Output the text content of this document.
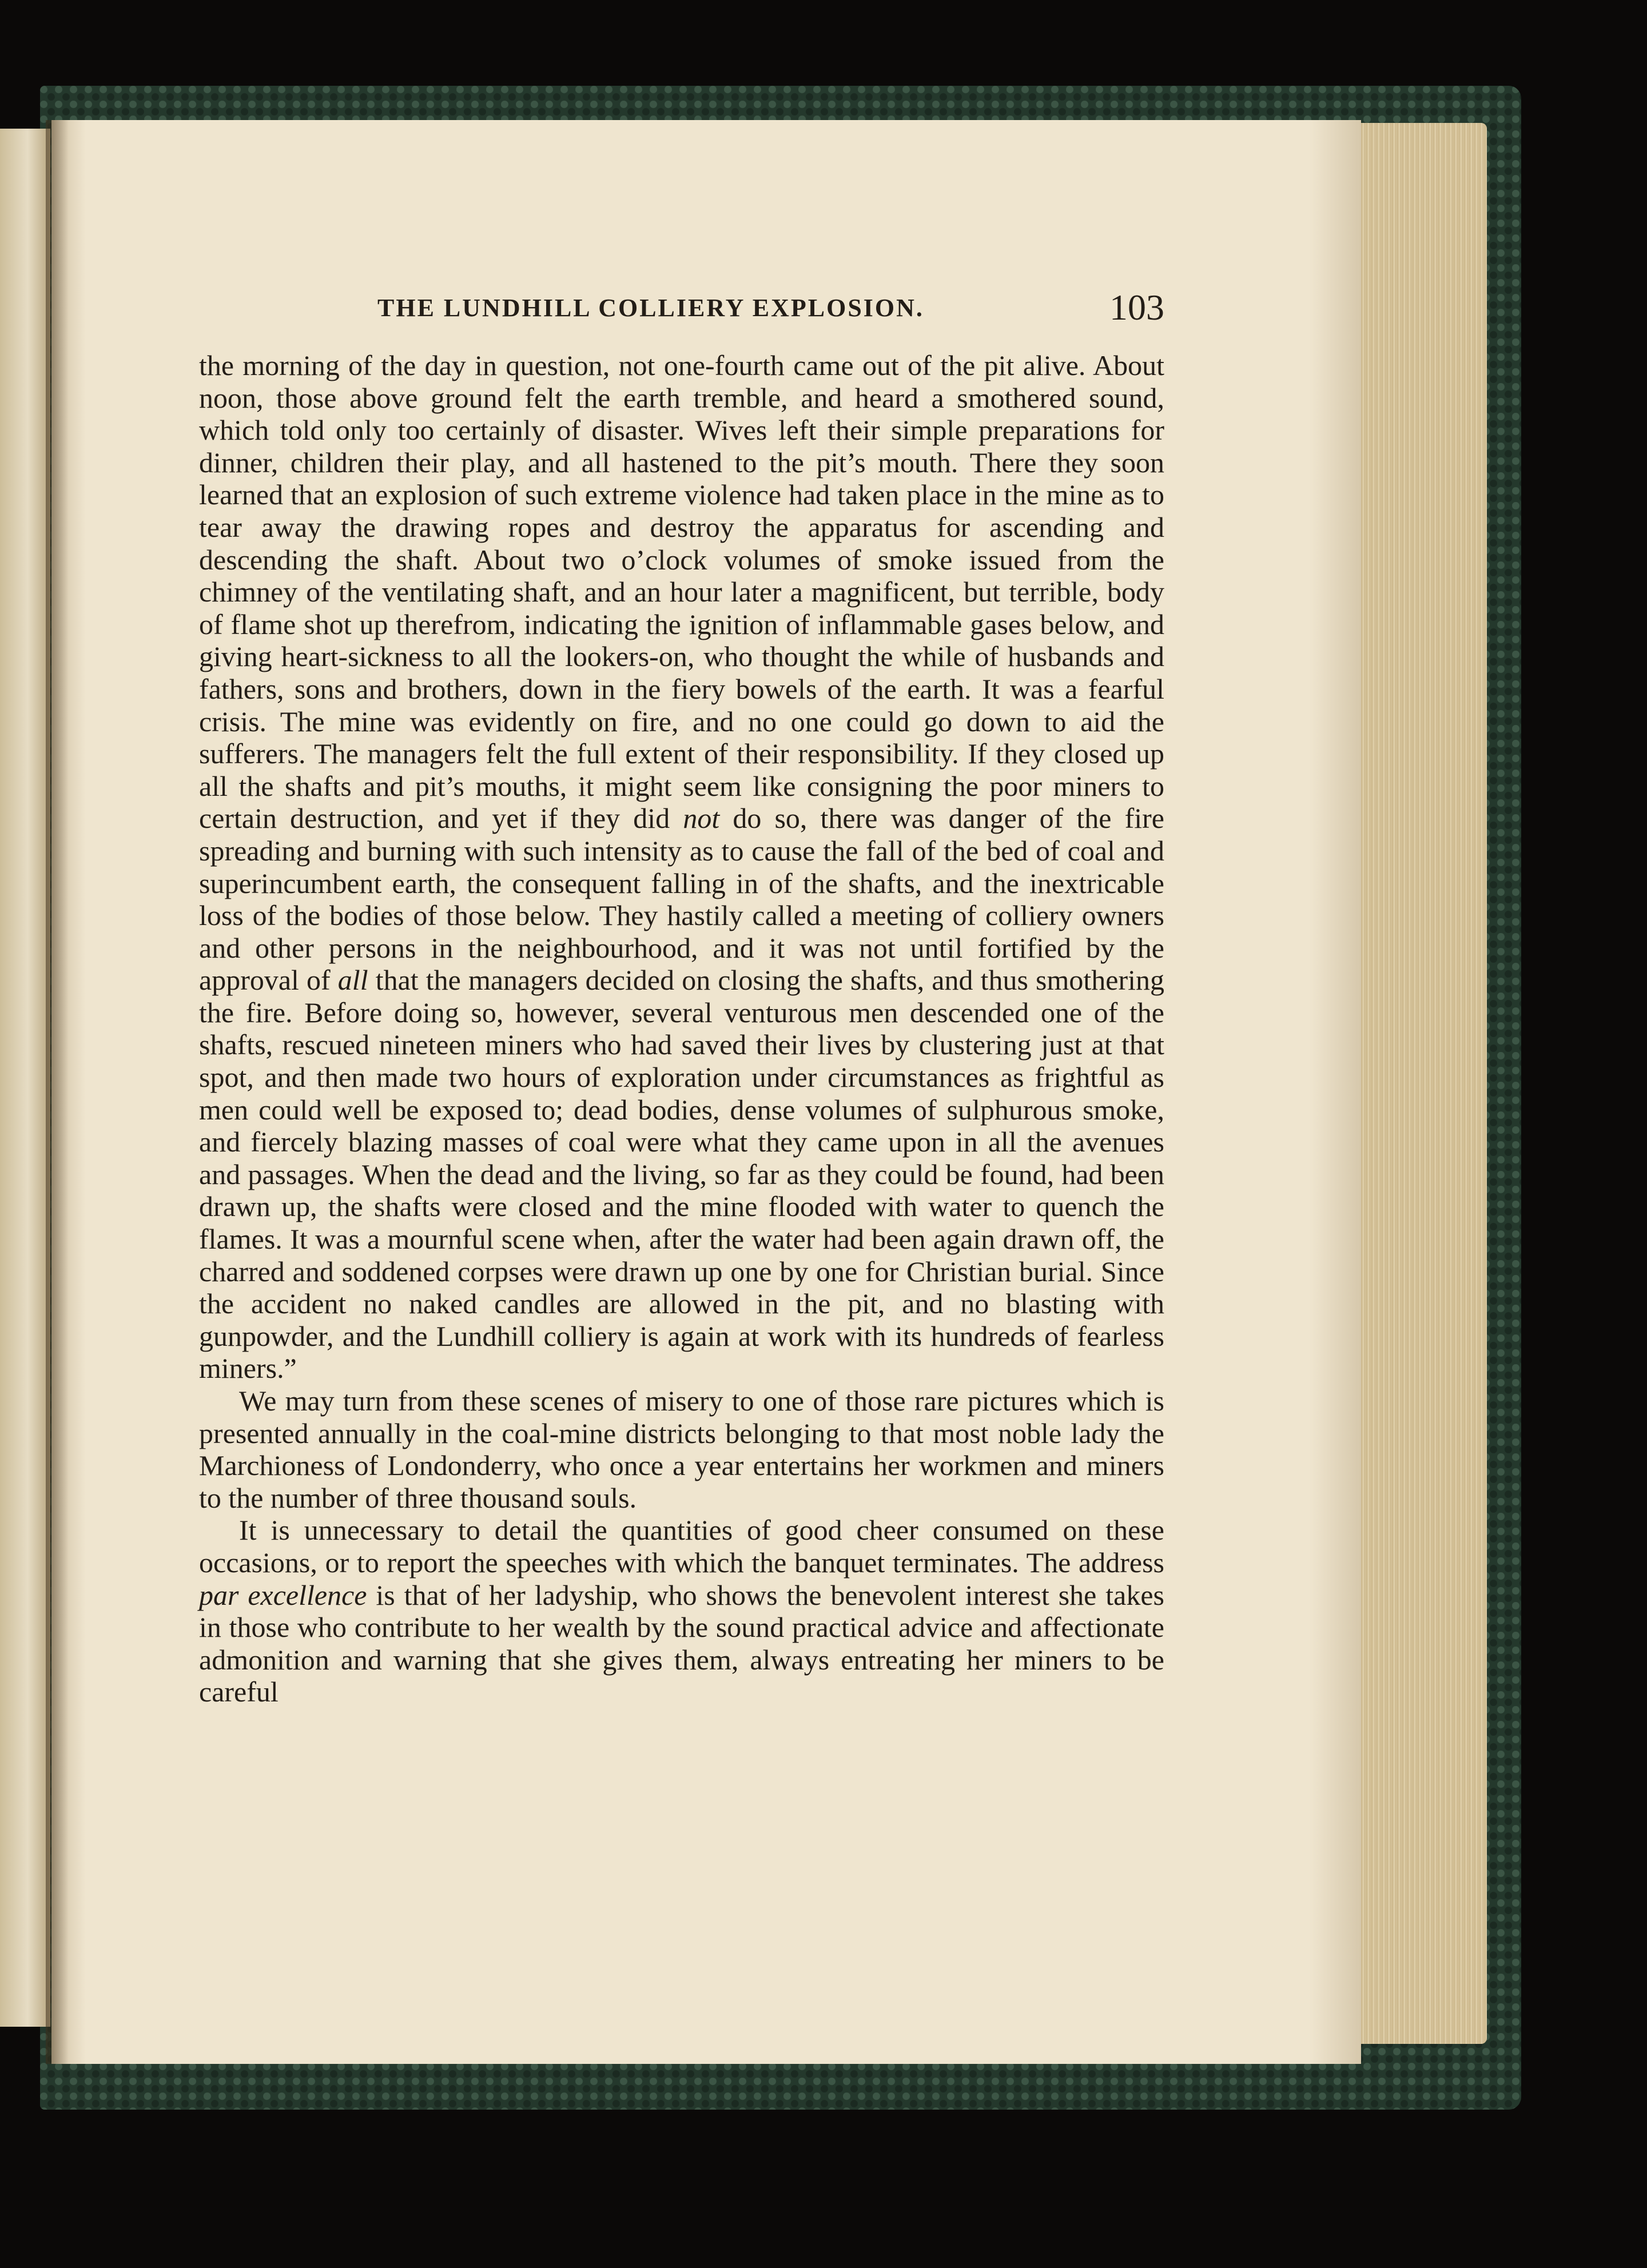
THE LUNDHILL COLLIERY EXPLOSION.	103

the morning of the day in question, not one-fourth came out of the pit alive. About noon, those above ground felt the earth tremble, and heard a smothered sound, which told only too certainly of disaster. Wives left their simple preparations for dinner, children their play, and all hastened to the pit’s mouth. There they soon learned that an explosion of such extreme violence had taken place in the mine as to tear away the drawing ropes and destroy the apparatus for ascending and descending the shaft. About two o’clock volumes of smoke issued from the chimney of the ventilating shaft, and an hour later a magnificent, but terrible, body of flame shot up therefrom, indicating the ignition of inflammable gases below, and giving heart-sickness to all the lookers-on, who thought the while of husbands and fathers, sons and brothers, down in the fiery bowels of the earth. It was a fearful crisis. The mine was evidently on fire, and no one could go down to aid the sufferers. The managers felt the full extent of their responsibility. If they closed up all the shafts and pit’s mouths, it might seem like consigning the poor miners to certain destruction, and yet if they did not do so, there was danger of the fire spreading and burning with such intensity as to cause the fall of the bed of coal and superincumbent earth, the consequent falling in of the shafts, and the inextricable loss of the bodies of those below. They hastily called a meeting of colliery owners and other persons in the neighbourhood, and it was not until fortified by the approval of all that the managers decided on closing the shafts, and thus smothering the fire. Before doing so, however, several venturous men descended one of the shafts, rescued nineteen miners who had saved their lives by clustering just at that spot, and then made two hours of exploration under circumstances as frightful as men could well be exposed to; dead bodies, dense volumes of sulphurous smoke, and fiercely blazing masses of coal were what they came upon in all the avenues and passages. When the dead and the living, so far as they could be found, had been drawn up, the shafts were closed and the mine flooded with water to quench the flames. It was a mournful scene when, after the water had been again drawn off, the charred and soddened corpses were drawn up one by one for Christian burial. Since the accident no naked candles are allowed in the pit, and no blasting with gunpowder, and the Lundhill colliery is again at work with its hundreds of fearless miners.”

We may turn from these scenes of misery to one of those rare pictures which is presented annually in the coal-mine districts belonging to that most noble lady the Marchioness of Londonderry, who once a year entertains her workmen and miners to the number of three thousand souls.

It is unnecessary to detail the quantities of good cheer consumed on these occasions, or to report the speeches with which the banquet terminates. The address par excellence is that of her ladyship, who shows the benevolent interest she takes in those who contribute to her wealth by the sound practical advice and affectionate admonition and warning that she gives them, always entreating her miners to be careful
